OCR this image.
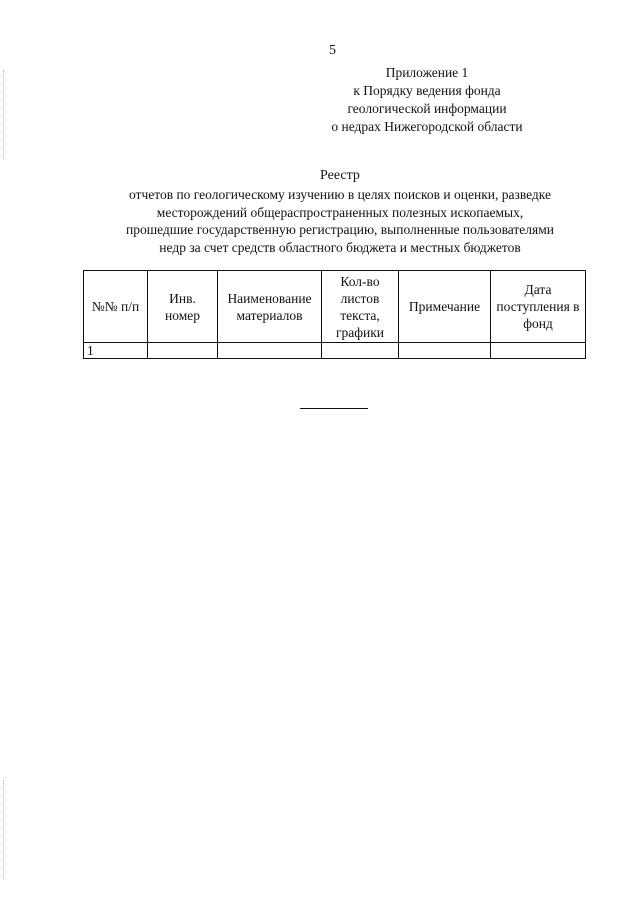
5
Приложение 1
к Порядку ведения фонда
геологической информации
о недрах Нижегородской области
Реестр
отчетов по геологическому изучению в целях поисков и оценки, разведке
месторождений общераспространенных полезных ископаемых,
прошедшие государственную регистрацию, выполненные пользователями
недр за счет средств областного бюджета и местных бюджетов
№№ п/п	Инв. номер	Наименование материалов	Кол-во листов текста, графики	Примечание	Дата поступления в фонд
1					
